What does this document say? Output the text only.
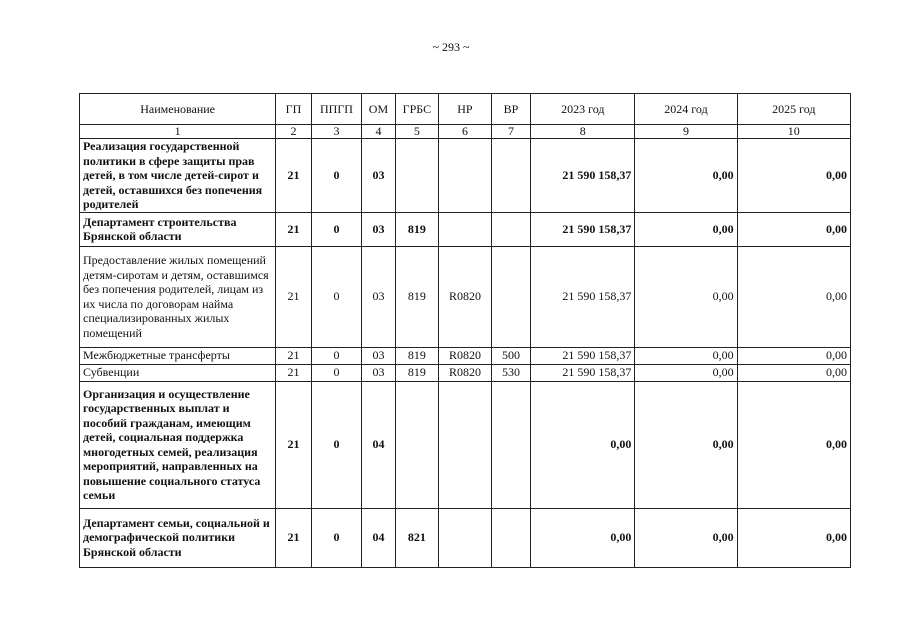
~ 293 ~
Наименование	ГП	ППГП	ОМ	ГРБС	НР	ВР	2023 год	2024 год	2025 год
1	2	3	4	5	6	7	8	9	10
Реализация государственной политики в сфере защиты прав детей, в том числе детей-сирот и детей, оставшихся без попечения родителей	21	0	03				21 590 158,37	0,00	0,00
Департамент строительства Брянской области	21	0	03	819			21 590 158,37	0,00	0,00
Предоставление жилых помещений детям-сиротам и детям, оставшимся без попечения родителей, лицам из их числа по договорам найма специализированных жилых помещений	21	0	03	819	R0820		21 590 158,37	0,00	0,00
Межбюджетные трансферты	21	0	03	819	R0820	500	21 590 158,37	0,00	0,00
Субвенции	21	0	03	819	R0820	530	21 590 158,37	0,00	0,00
Организация и осуществление государственных выплат и пособий гражданам, имеющим детей, социальная поддержка многодетных семей, реализация мероприятий, направленных на повышение социального статуса семьи	21	0	04				0,00	0,00	0,00
Департамент семьи, социальной и демографической политики Брянской области	21	0	04	821			0,00	0,00	0,00
